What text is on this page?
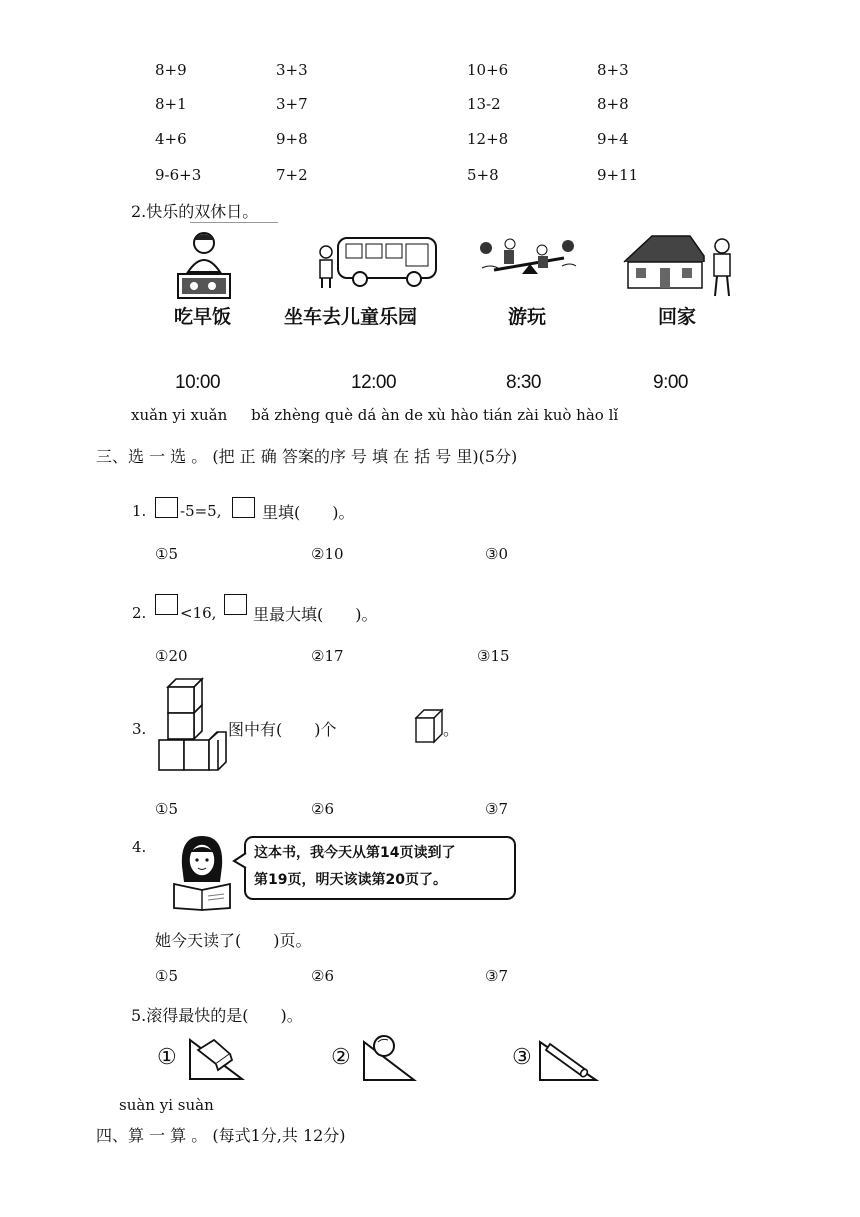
8+9	3+3	10+6	8+3
8+1	3+7	13-2	8+8
4+6	9+8	12+8	9+4
9-6+3	7+2	5+8	9+11
2.快乐的双休日。
吃早饭	坐车去儿童乐园	游玩	回家
10:00	12:00	8:30	9:00
xuǎn yi xuǎn     bǎ zhèng què dá àn de xù hào tián zài kuò hào lǐ
三、选 一 选 。 (把 正 确 答案的序 号 填 在 括 号 里)(5分)
1. -5=5,	里填(　　)。
①5	②10	③0
2. <16, 里最大填(　　)。
①20	②17	③15
3.	图中有(　　)个	。
①5	②6	③7
4.	这本书，我今天从第14页读到了
第19页，明天该读第20页了。
她今天读了(　　)页。
①5	②6	③7
5.滚得最快的是(　　)。
①	②	③
suàn yi suàn
四、算 一 算 。 (每式1分,共 12分)
